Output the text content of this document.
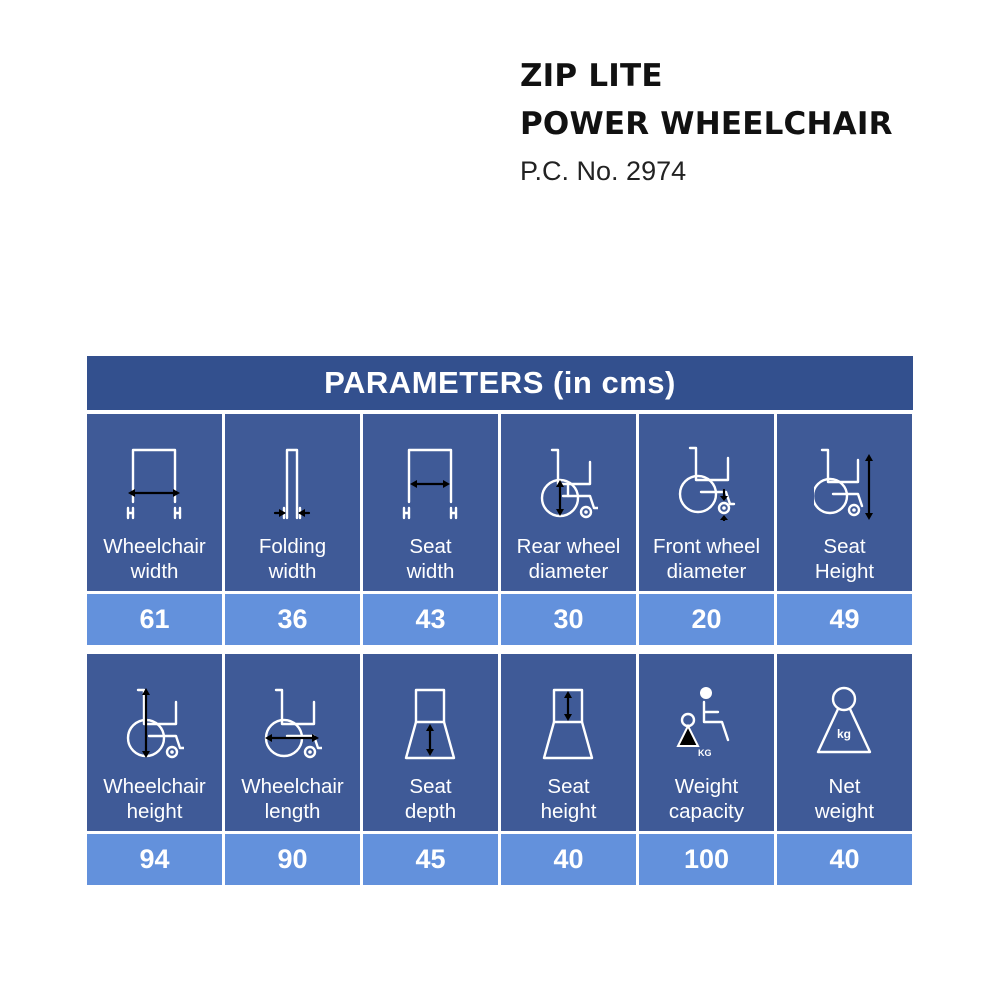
ZIP LITE
POWER WHEELCHAIR
P.C. No. 2974
PARAMETERS (in cms)
Wheelchair
width
61
Folding
width
36
Seat
width
43
Rear wheel
diameter
30
Front wheel
diameter
20
Seat
Height
49
Wheelchair
height
94
Wheelchair
length
90
Seat
depth
45
Seat
height
40
KG
Weight
capacity
100
kg
Net
weight
40
